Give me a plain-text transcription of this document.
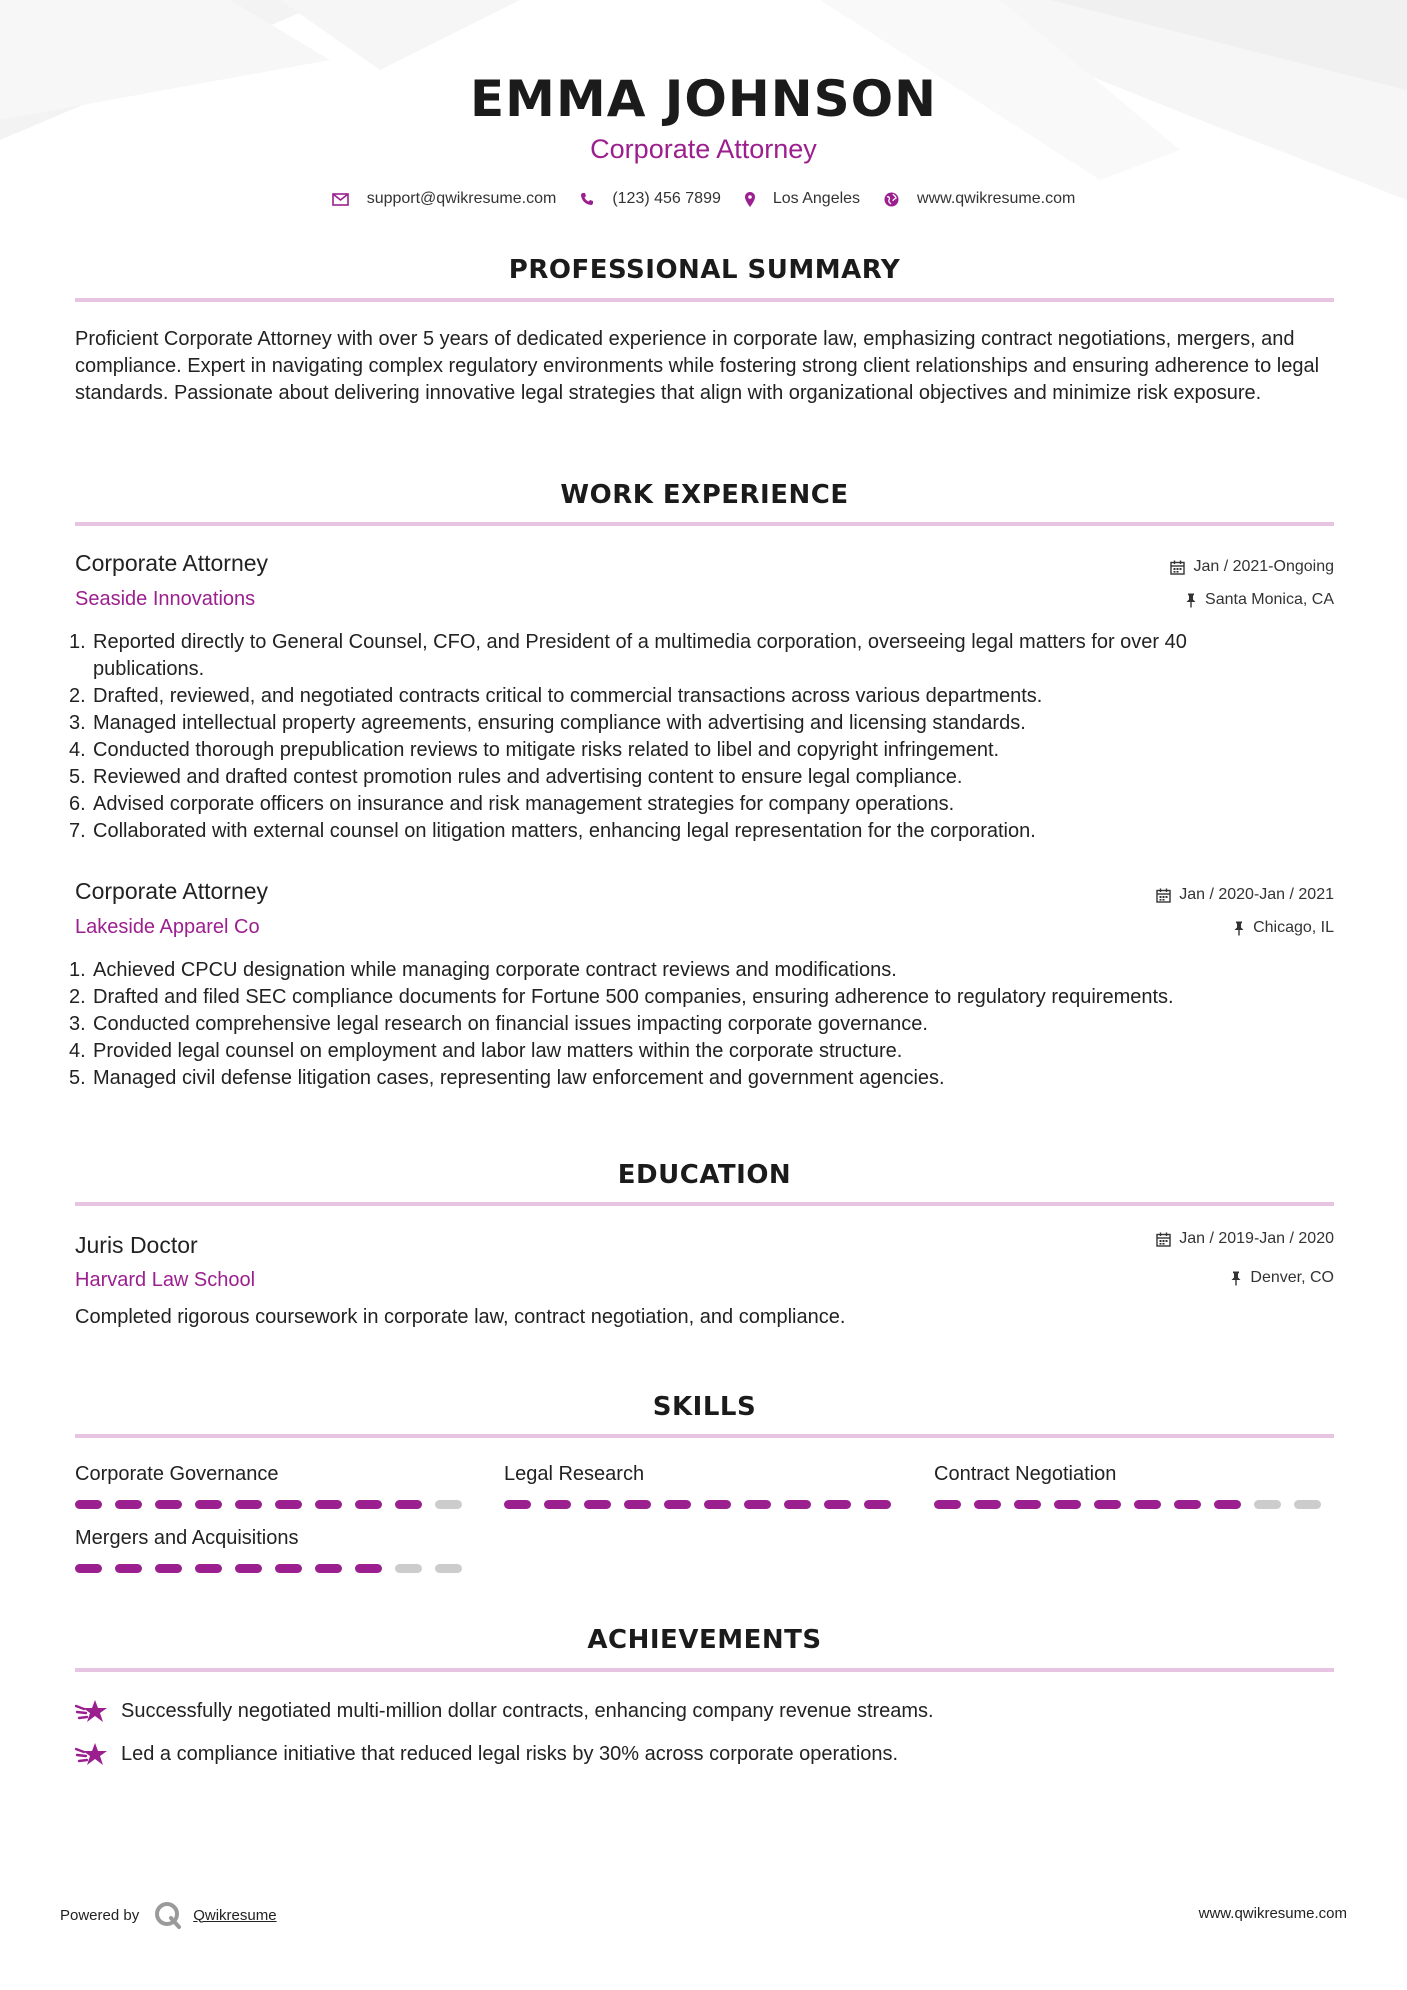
EMMA JOHNSON
Corporate Attorney
support@qwikresume.com	(123) 456 7899	Los Angeles	www.qwikresume.com
PROFESSIONAL SUMMARY
Proficient Corporate Attorney with over 5 years of dedicated experience in corporate law, emphasizing contract negotiations, mergers, and compliance. Expert in navigating complex regulatory environments while fostering strong client relationships and ensuring adherence to legal standards. Passionate about delivering innovative legal strategies that align with organizational objectives and minimize risk exposure.
WORK EXPERIENCE
Corporate Attorney
Seaside Innovations
Jan / 2021-Ongoing
Santa Monica, CA
1. Reported directly to General Counsel, CFO, and President of a multimedia corporation, overseeing legal matters for over 40 publications.
2. Drafted, reviewed, and negotiated contracts critical to commercial transactions across various departments.
3. Managed intellectual property agreements, ensuring compliance with advertising and licensing standards.
4. Conducted thorough prepublication reviews to mitigate risks related to libel and copyright infringement.
5. Reviewed and drafted contest promotion rules and advertising content to ensure legal compliance.
6. Advised corporate officers on insurance and risk management strategies for company operations.
7. Collaborated with external counsel on litigation matters, enhancing legal representation for the corporation.
Corporate Attorney
Lakeside Apparel Co
Jan / 2020-Jan / 2021
Chicago, IL
1. Achieved CPCU designation while managing corporate contract reviews and modifications.
2. Drafted and filed SEC compliance documents for Fortune 500 companies, ensuring adherence to regulatory requirements.
3. Conducted comprehensive legal research on financial issues impacting corporate governance.
4. Provided legal counsel on employment and labor law matters within the corporate structure.
5. Managed civil defense litigation cases, representing law enforcement and government agencies.
EDUCATION
Juris Doctor
Harvard Law School
Jan / 2019-Jan / 2020
Denver, CO
Completed rigorous coursework in corporate law, contract negotiation, and compliance.
SKILLS
Corporate Governance	Legal Research	Contract Negotiation
Mergers and Acquisitions
ACHIEVEMENTS
Successfully negotiated multi-million dollar contracts, enhancing company revenue streams.
Led a compliance initiative that reduced legal risks by 30% across corporate operations.
Powered by	Qwikresume	www.qwikresume.com
